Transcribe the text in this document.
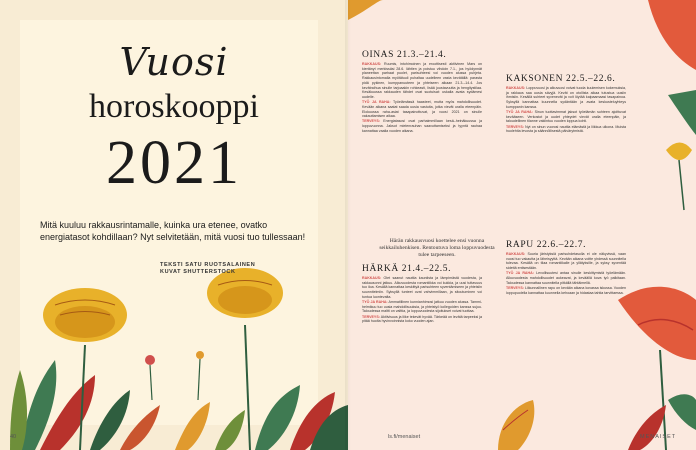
Vuosi
horoskooppi
2021
Mitä kuuluu rakkausrintamalle, kuinka ura etenee, ovatko energiatasot kohdillaan? Nyt selvitetään, mitä vuosi tuo tullessaan!
TEKSTI SATU RUOTSALAINEN
KUVAT SHUTTERSTOCK
40
OINAS 21.3.–21.4.

RAKKAUS: Ruumis, intohimoinen ja eroottisesti aktiivinen Mars on kiertänyt merkissäsi 28.6. lähtien ja poistuu vihdoin 7.1., jos hyödynnät planeettan parhaat puolet, parisuhteesi voi vuoden alussa puhjeta. Rakkausintomalla myötätuuli puhaltaa uudelleen vasta kevätällä: parasta pidä pykinen, kumppanuuteen ja yhteiseen aikaan 21.3.–14.4. Jos kevätraihua sinulle tarjoaakin rohkeasti, lisää joustavuutta ja hengitystilaa. Kesäkuussa rakkauden tähdet ovat suotuisat: uskalla avata sydämesi uudelle.

TYÖ JA RAHA: Työelämässä haasteet, mutta myös mahdollisuudet. Kevään aikana saatat saada uusia vastuita, jotka vievät uralla eteenpäin. Elokuussa raha-asiat tasapainottuvat, ja vuosi 2021 on sinulle vakauttamisen aikaa.

TERVEYS: Energiatasosi ovat parhaimmillaan kesä–heinäkuussa ja loppuvuonna. Jaksot mielenrauhan saavuttamiseksi ja tyyntä rauhaa kannattaa vaalia vuoden aikana.

HÄRKÄ 21.4.–22.5.

RAKKAUS: Olet saanut nauttia kauniista ja lämpimästä vuodesta, ja rakkausonni jatkuu. Alkuvuodesta romantiikka voi kukkia, ja uusi tuttavuus tuo iloa. Kesällä kannattaa keskittyä parisuhteen syventämiseen ja yhteisiin suunnitelmiin. Syksyllä tunteet ovat vahvimmillaan, ja sitoutuminen voi tuntua luontevalta.

TYÖ JA RAHA: Ammatillinen kunnianhimosi jatkuu vuoden alussa. Tammi-helmikuu tuo uusia mahdollisuuksia, ja yhteistyö kollegoiden kanssa sujuu. Taloudessa maltti on valttia, ja loppuvuodesta sijoitukset voivat tuottaa.

TERVEYS: Aktiivisuus ja liike tekevät hyvää. Tärkeää on levätä tarpeeksi ja pitää huolta hyvinvoinnista koko vuoden ajan.

KAKSONEN 22.5.–22.6.

RAKKAUS: Loppuvuosi ja alkuvuosi voivat tuoda kuulemisen kokemuksia, ja rakkaus saa uusia sävyjä. Kevät on otollista aikaa tutustua uusiin ihmisiin. Kesällä suhteet syvenevät ja voit löytää kaipaamaasi tasapainoa. Syksyllä kannattaa kuunnella sydäntään ja avata keskusteluyhteys kumppanin kanssa.

TYÖ JA RAHA: Sinun tuottavimmat jaksot työelämän suhteen ajoittuvat kevääseen. Verkostot ja uudet yhteydet vievät uralla eteenpäin, ja taloudellinen tilanne vakiintuu vuoden loppua kohti.

TERVEYS: Nyt on sinun vuorosi nauttia elämästä ja liikkua ulkona. Muista huolehtia levosta ja säännöllisestä päivärytmistä.

RAPU 22.6.–22.7.

RAKKAUS: Suuria järistyksiä parisuhdetasolla ei ole näkyvissä, vaan vuosi tuo vakautta ja läheisyyttä. Kevään aikana voitte yhdessä suunnitella tulevaa. Kesällä on tilaa romantiikalle ja yllätyksille, ja syksy syventää sidettä entisestään.

TYÖ JA RAHA: Levollisuutesi antaa sinulle keskittymistä työelämään. Alkuvuodesta mahdollisuudet aukeavat, ja keväällä kova työ palkitaan. Taloudessa kannattaa suunnitella pitkällä tähtäimellä.

TERVEYS: Liikunnallinen rapu on kevään aikana kovassa iskussa. Vuoden loppupuolella kannattaa kuunnella kehoaan ja hidastaa tahtia tarvittaessa.

Härän rakkausvuosi koettelee ensi vuonna seikkailuhenkisen. Rentoutuva loma loppuvuodesta tulee tarpeeseen.
ls.fi/menaiset	MENAISET
